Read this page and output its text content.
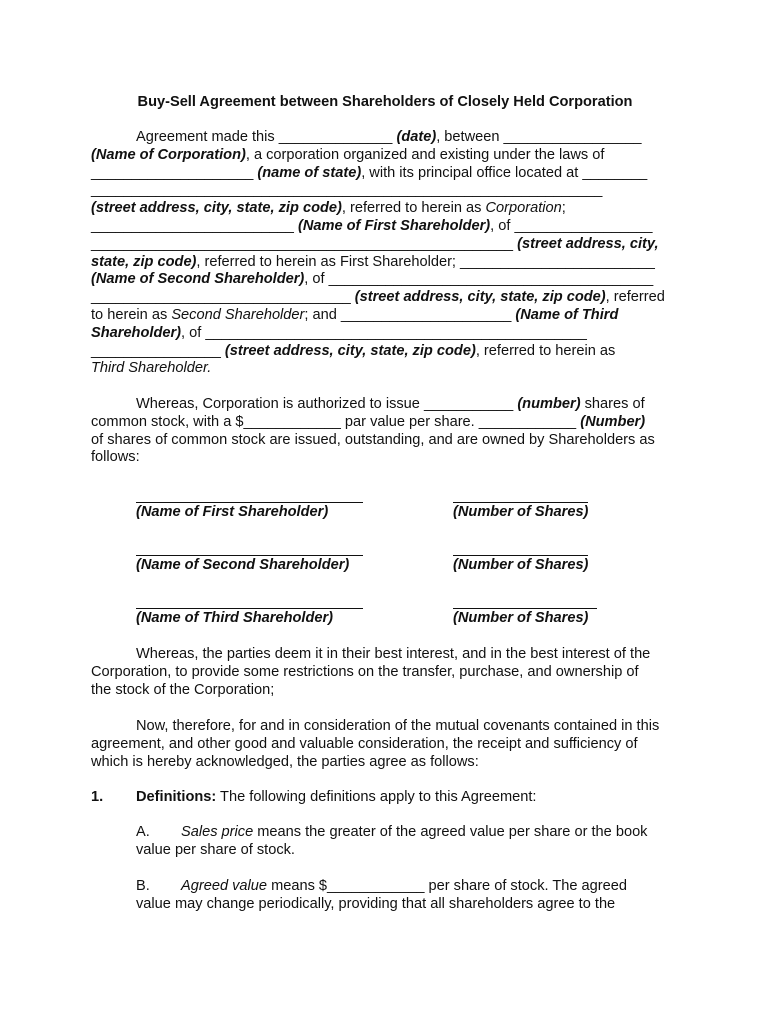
Buy-Sell Agreement between Shareholders of Closely Held Corporation
Agreement made this ______________ (date), between _________________
(Name of Corporation), a corporation organized and existing under the laws of
____________________ (name of state), with its principal office located at ________
_______________________________________________________________
(street address, city, state, zip code), referred to herein as Corporation;
_________________________ (Name of First Shareholder), of _________________
____________________________________________________ (street address, city,
state, zip code), referred to herein as First Shareholder; ________________________
(Name of Second Shareholder), of ________________________________________
________________________________ (street address, city, state, zip code), referred
to herein as Second Shareholder; and _____________________ (Name of Third
Shareholder), of _______________________________________________
________________ (street address, city, state, zip code), referred to herein as
Third Shareholder.
Whereas, Corporation is authorized to issue ___________ (number) shares of
common stock, with a $____________ par value per share. ____________ (Number)
of shares of common stock are issued, outstanding, and are owned by Shareholders as
follows:
(Name of First Shareholder)	(Number of Shares)
(Name of Second Shareholder)	(Number of Shares)
(Name of Third Shareholder)	(Number of Shares)
Whereas, the parties deem it in their best interest, and in the best interest of the
Corporation, to provide some restrictions on the transfer, purchase, and ownership of
the stock of the Corporation;
Now, therefore, for and in consideration of the mutual covenants contained in this
agreement, and other good and valuable consideration, the receipt and sufficiency of
which is hereby acknowledged, the parties agree as follows:
1. Definitions: The following definitions apply to this Agreement:
A. Sales price means the greater of the agreed value per share or the book
value per share of stock.
B. Agreed value means $____________ per share of stock. The agreed
value may change periodically, providing that all shareholders agree to the
